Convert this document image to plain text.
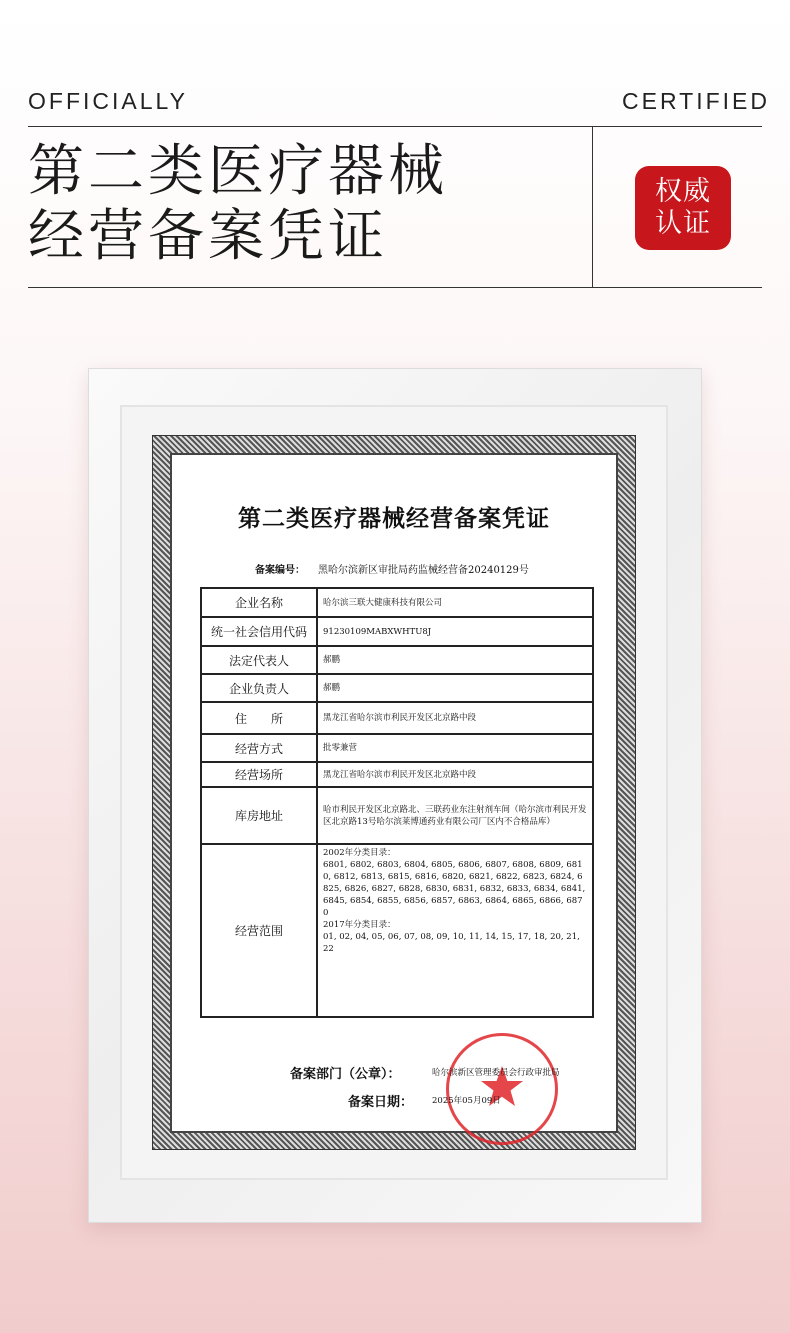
OFFICIALLY	CERTIFIED
第二类医疗器械
经营备案凭证
权威
认证
第二类医疗器械经营备案凭证
备案编号： 黑哈尔滨新区审批局药监械经营备20240129号
企业名称	哈尔滨三联大健康科技有限公司
统一社会信用代码	91230109MABXWHTU8J
法定代表人	郝鹏
企业负责人	郝鹏
住　　所	黑龙江省哈尔滨市利民开发区北京路中段
经营方式	批零兼营
经营场所	黑龙江省哈尔滨市利民开发区北京路中段
库房地址	哈市利民开发区北京路北、三联药业东注射剂车间（哈尔滨市利民开发区北京路13号哈尔滨莱博通药业有限公司厂区内不合格品库）
经营范围	2002年分类目录：
6801, 6802, 6803, 6804, 6805, 6806, 6807, 6808, 6809, 6810, 6812, 6813, 6815, 6816, 6820, 6821, 6822, 6823, 6824, 6825, 6826, 6827, 6828, 6830, 6831, 6832, 6833, 6834, 6841, 6845, 6854, 6855, 6856, 6857, 6863, 6864, 6865, 6866, 6870
2017年分类目录：
01, 02, 04, 05, 06, 07, 08, 09, 10, 11, 14, 15, 17, 18, 20, 21, 22
备案部门（公章）：	哈尔滨新区管理委员会行政审批局
备案日期： 2025年05月09日
